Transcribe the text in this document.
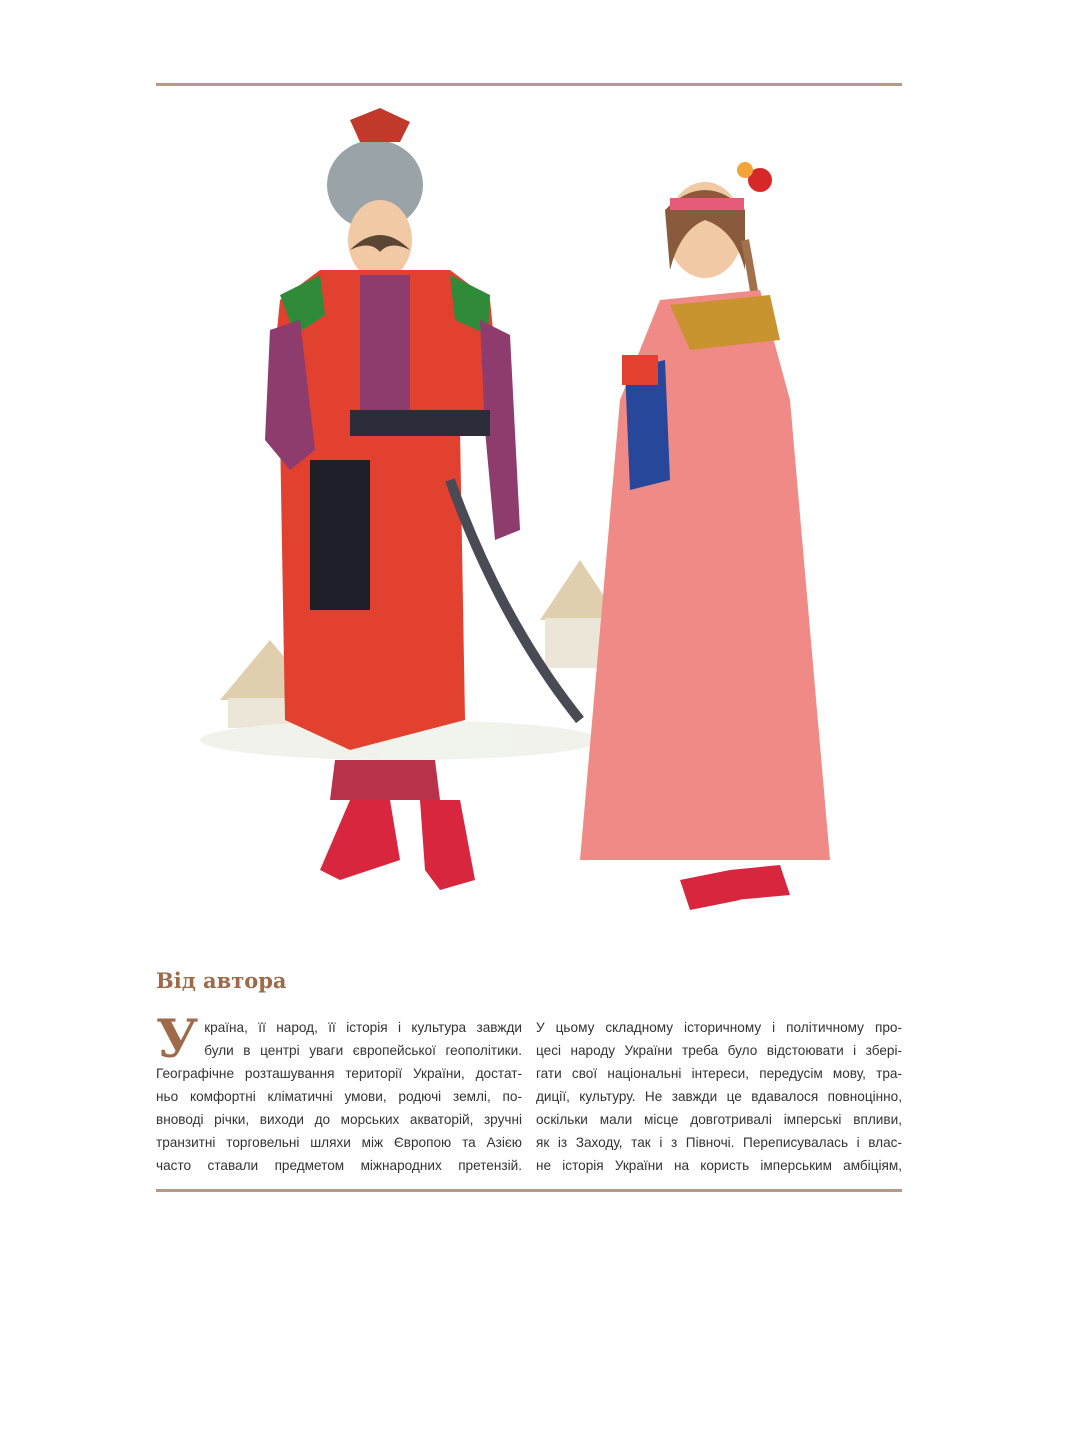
Від автора
У країна, її народ, її історія і культура завжди
були в центрі уваги європейської геополітики.
Географічне розташування території України, достат-
ньо комфортні кліматичні умови, родючі землі, по-
вноводі річки, виходи до морських акваторій, зручні
транзитні торговельні шляхи між Європою та Азією
часто ставали предметом міжнародних претензій.
У цьому складному історичному і політичному про-
цесі народу України треба було відстоювати і зберi-
гати свої національні інтереси, передусім мову, тра-
диції, культуру. Не завжди це вдавалося повноцінно,
оскільки мали місце довготривалі імперські впливи,
як із Заходу, так і з Півночі. Переписувалась і влас-
не історія України на користь імперським амбіціям,
